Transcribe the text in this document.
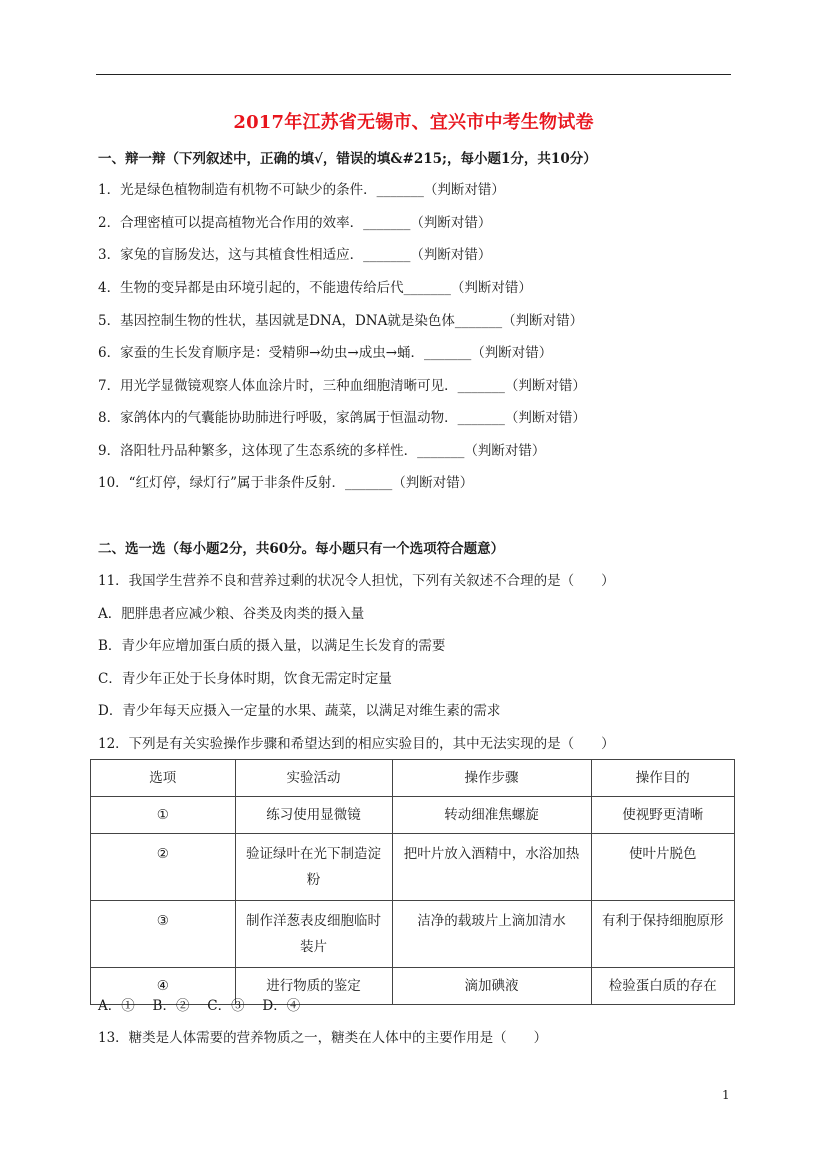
2017年江苏省无锡市、宜兴市中考生物试卷
一、辩一辩（下列叙述中，正确的填√，错误的填&#215;，每小题1分，共10分）
1．光是绿色植物制造有机物不可缺少的条件．_______（判断对错）
2．合理密植可以提高植物光合作用的效率．_______（判断对错）
3．家兔的盲肠发达，这与其植食性相适应．_______（判断对错）
4．生物的变异都是由环境引起的，不能遗传给后代_______（判断对错）
5．基因控制生物的性状，基因就是DNA，DNA就是染色体_______（判断对错）
6．家蚕的生长发育顺序是：受精卵→幼虫→成虫→蛹．_______（判断对错）
7．用光学显微镜观察人体血涂片时，三种血细胞清晰可见．_______（判断对错）
8．家鸽体内的气囊能协助肺进行呼吸，家鸽属于恒温动物．_______（判断对错）
9．洛阳牡丹品种繁多，这体现了生态系统的多样性．_______（判断对错）
10．“红灯停，绿灯行”属于非条件反射．_______（判断对错）
二、选一选（每小题2分，共60分。每小题只有一个选项符合题意）
11．我国学生营养不良和营养过剩的状况令人担忧，下列有关叙述不合理的是（　　）
A．肥胖患者应减少粮、谷类及肉类的摄入量
B．青少年应增加蛋白质的摄入量，以满足生长发育的需要
C．青少年正处于长身体时期，饮食无需定时定量
D．青少年每天应摄入一定量的水果、蔬菜，以满足对维生素的需求
12．下列是有关实验操作步骤和希望达到的相应实验目的，其中无法实现的是（　　）
选项	实验活动	操作步骤	操作目的
①	练习使用显微镜	转动细准焦螺旋	使视野更清晰
②	验证绿叶在光下制造淀粉	把叶片放入酒精中，水浴加热	使叶片脱色
③	制作洋葱表皮细胞临时装片	洁净的载玻片上滴加清水	有利于保持细胞原形
④	进行物质的鉴定	滴加碘液	检验蛋白质的存在
A．①　 B．②　 C．③　 D．④
13．糖类是人体需要的营养物质之一，糖类在人体中的主要作用是（　　）
1
